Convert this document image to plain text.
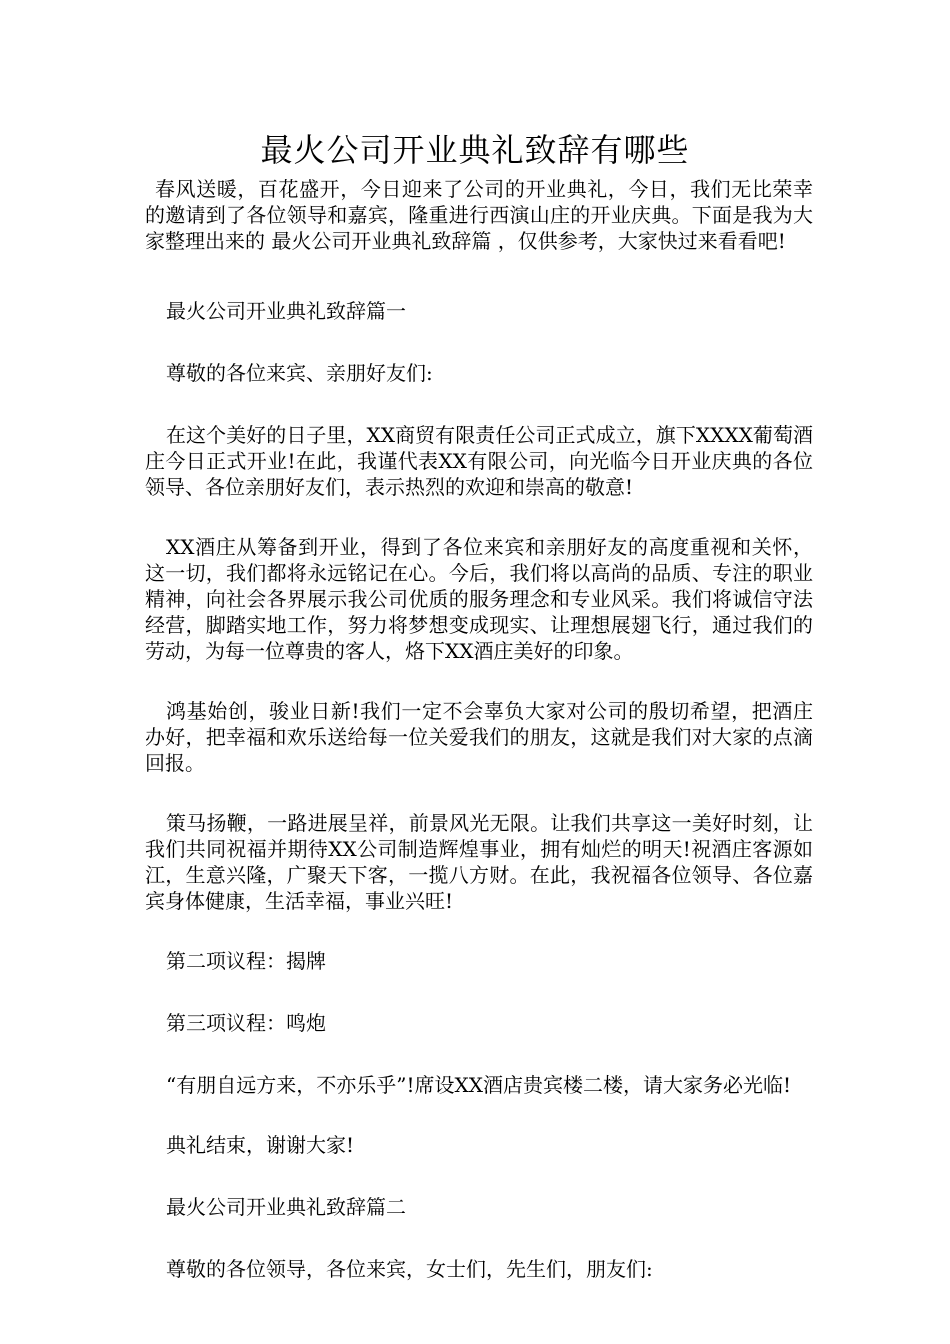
最火公司开业典礼致辞有哪些

春风送暖，百花盛开，今日迎来了公司的开业典礼，今日，我们无比荣幸的邀请到了各位领导和嘉宾，隆重进行西演山庄的开业庆典。下面是我为大家整理出来的 最火公司开业典礼致辞篇 ，仅供参考，大家快过来看看吧!

最火公司开业典礼致辞篇一

尊敬的各位来宾、亲朋好友们:

在这个美好的日子里，XX商贸有限责任公司正式成立，旗下XXXX葡萄酒庄今日正式开业!在此，我谨代表XX有限公司，向光临今日开业庆典的各位领导、各位亲朋好友们，表示热烈的欢迎和崇高的敬意!

XX酒庄从筹备到开业，得到了各位来宾和亲朋好友的高度重视和关怀，这一切，我们都将永远铭记在心。今后，我们将以高尚的品质、专注的职业精神，向社会各界展示我公司优质的服务理念和专业风采。我们将诚信守法经营，脚踏实地工作，努力将梦想变成现实、让理想展翅飞行，通过我们的劳动，为每一位尊贵的客人，烙下XX酒庄美好的印象。

鸿基始创，骏业日新!我们一定不会辜负大家对公司的殷切希望，把酒庄办好，把幸福和欢乐送给每一位关爱我们的朋友，这就是我们对大家的点滴回报。

策马扬鞭，一路进展呈祥，前景风光无限。让我们共享这一美好时刻，让我们共同祝福并期待XX公司制造辉煌事业，拥有灿烂的明天!祝酒庄客源如江，生意兴隆，广聚天下客，一揽八方财。在此，我祝福各位领导、各位嘉宾身体健康，生活幸福，事业兴旺!

第二项议程：揭牌

第三项议程：鸣炮

“有朋自远方来，不亦乐乎”!席设XX酒店贵宾楼二楼，请大家务必光临!

典礼结束，谢谢大家!

最火公司开业典礼致辞篇二

尊敬的各位领导，各位来宾，女士们，先生们，朋友们:
